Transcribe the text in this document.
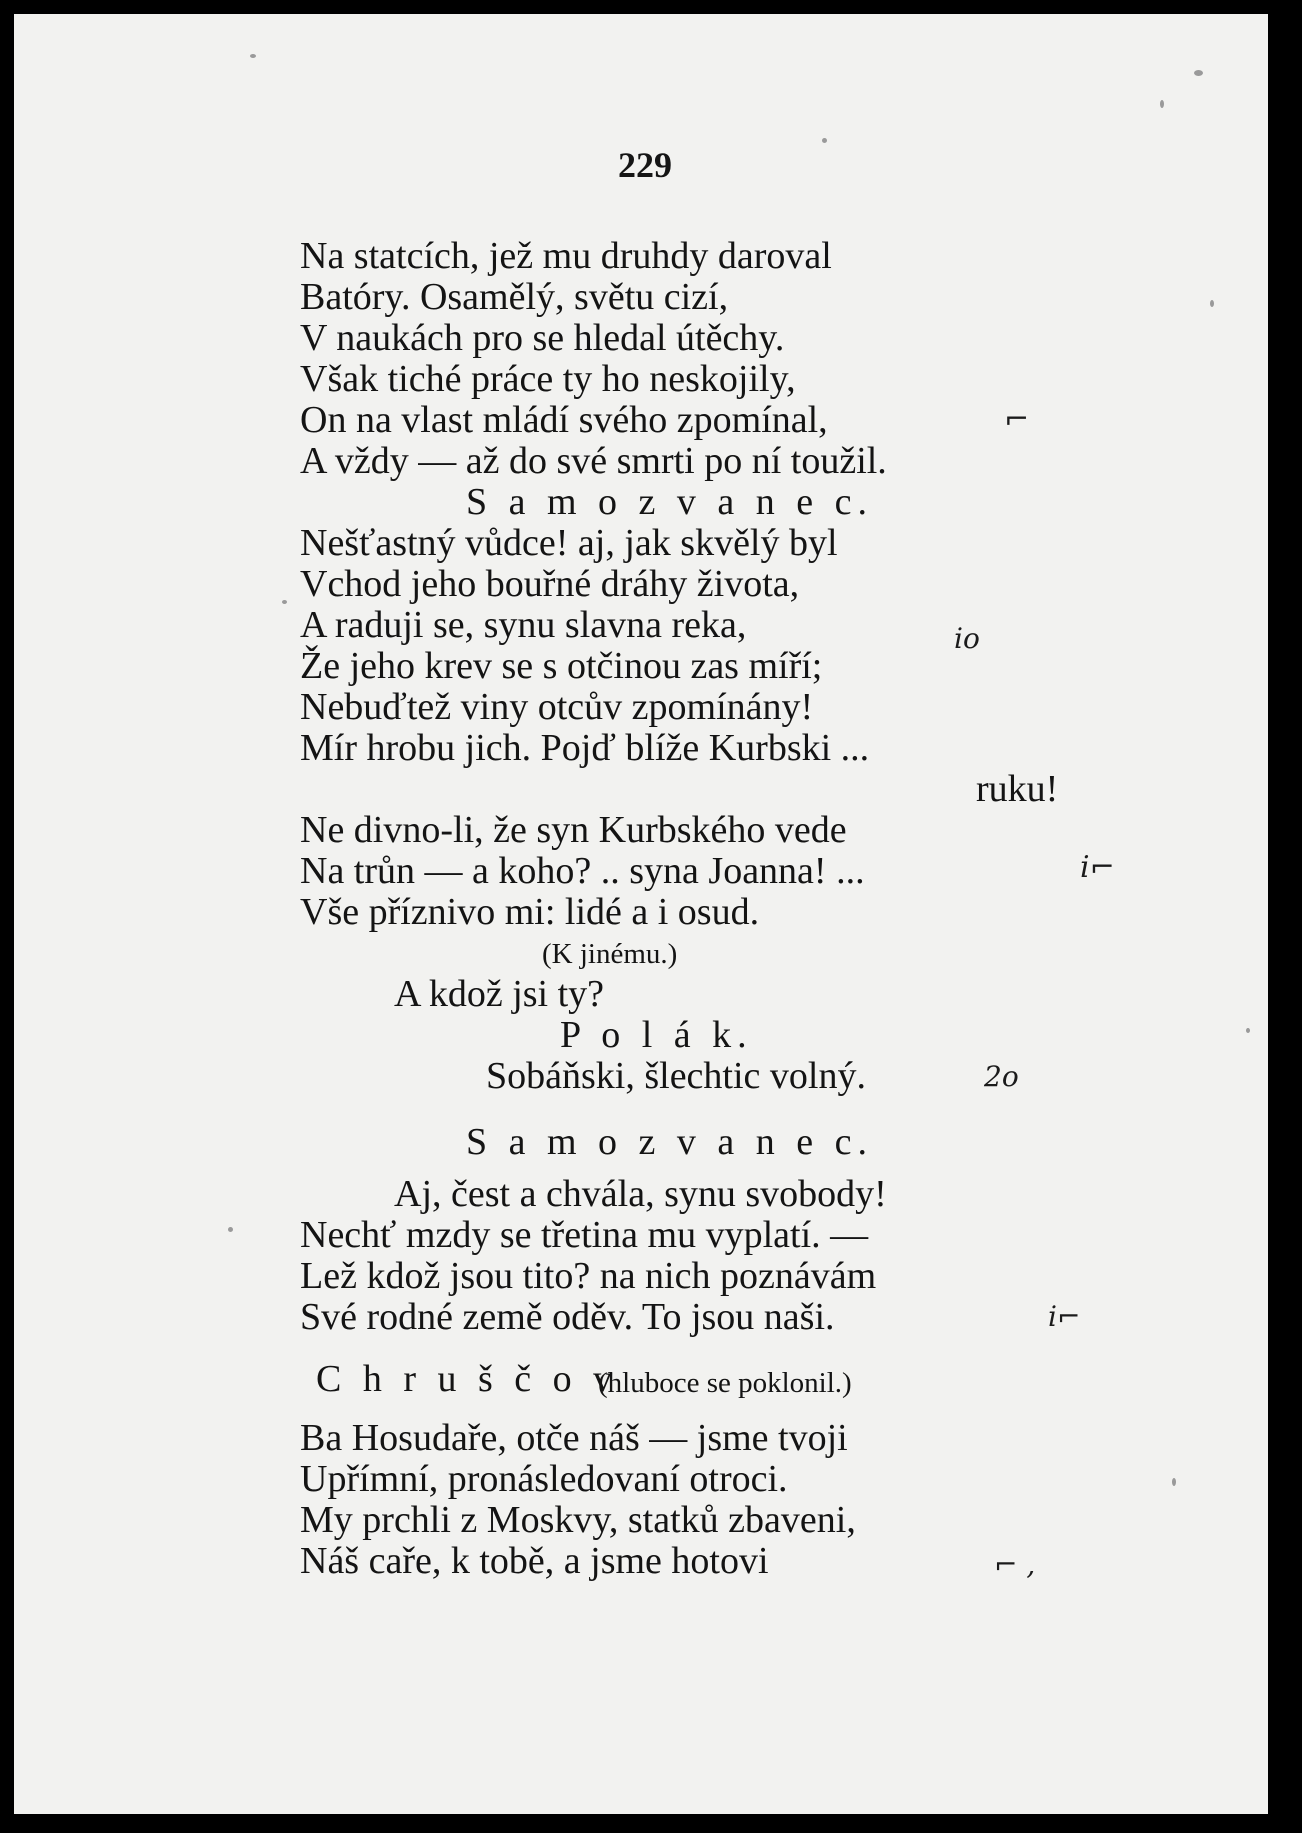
229
Na statcích, jež mu druhdy daroval
Batóry. Osamělý, světu cizí,
V naukách pro se hledal útěchy.
Však tiché práce ty ho neskojily,
On na vlast mládí svého zpomínal,
A vždy — až do své smrti po ní toužil.
S a m o z v a n e c.
Nešťastný vůdce! aj, jak skvělý byl
Vchod jeho bouřné dráhy života,
A raduji se, synu slavna reka,
Že jeho krev se s otčinou zas míří;
Nebuďtež viny otcův zpomínány!
Mír hrobu jich. Pojď blíže Kurbski ...
ruku!
Ne divno-li, že syn Kurbského vede
Na trůn — a koho? .. syna Joanna! ...
Vše příznivo mi: lidé a i osud.
(K jinému.)
A kdož jsi ty?
P o l á k.
Sobáňski, šlechtic volný.
S a m o z v a n e c.
Aj, čest a chvála, synu svobody!
Nechť mzdy se třetina mu vyplatí. —
Lež kdož jsou tito? na nich poznávám
Své rodné země oděv. To jsou naši.
C h r u š č o v
(hluboce se poklonil.)
Ba Hosudaře, otče náš — jsme tvoji
Upřímní, pronásledovaní otroci.
My prchli z Moskvy, statků zbaveni,
Náš caře, k tobě, a jsme hotovi
⌐
ⅰo
ⅰ⌐
2o
ⅰ⌐
⌐ ,
